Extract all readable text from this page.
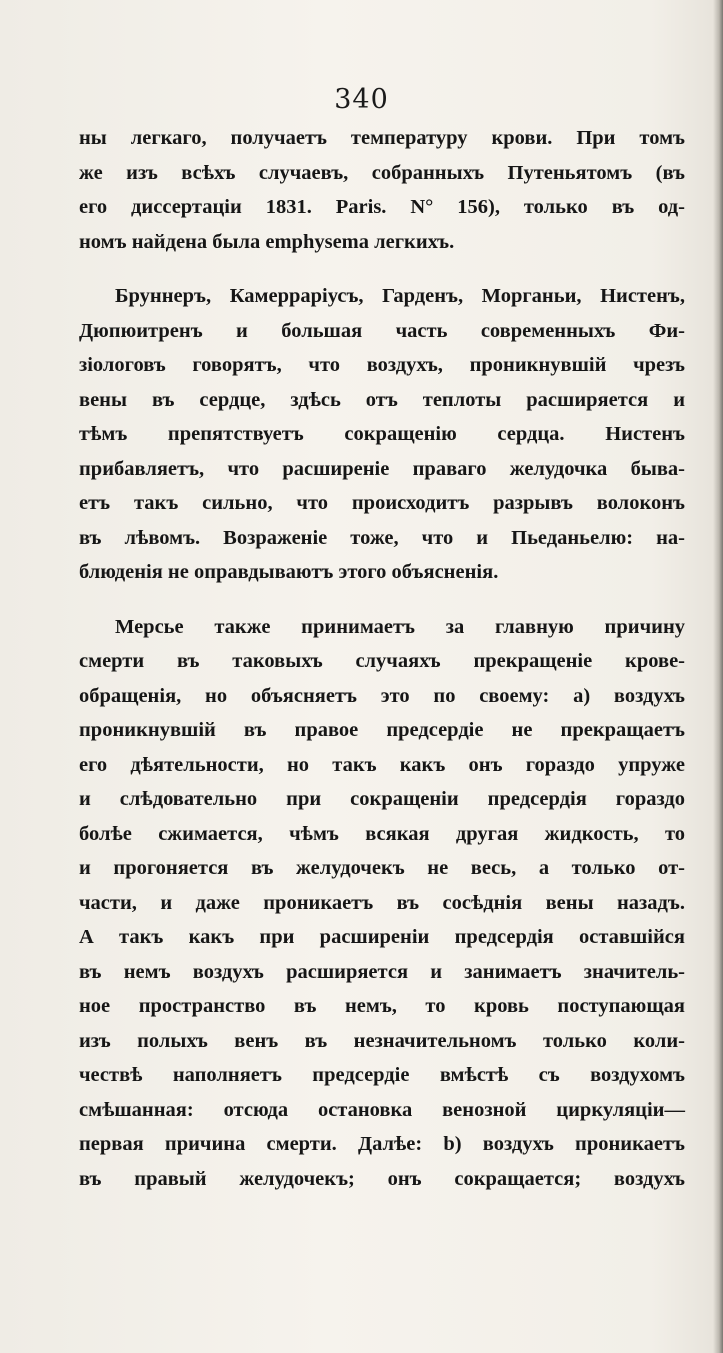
340
ны легкаго, получаетъ температуру крови. При томъ
же изъ всѣхъ случаевъ, собранныхъ Путеньятомъ (въ
его диссертаціи 1831. Paris. N° 156), только въ од-
номъ найдена была emphysema легкихъ.
Бруннеръ, Камерраріусъ, Гарденъ, Морганьи, Нистенъ,
Дюпюитренъ и большая часть современныхъ Фи-
зіологовъ говорятъ, что воздухъ, проникнувшій чрезъ
вены въ сердце, здѣсь отъ теплоты расширяется и
тѣмъ препятствуетъ сокращенію сердца. Нистенъ
прибавляетъ, что расширеніе праваго желудочка быва-
етъ такъ сильно, что происходитъ разрывъ волоконъ
въ лѣвомъ. Возраженіе тоже, что и Пьеданьелю: на-
блюденія не оправдываютъ этого объясненія.
Мерсье также принимаетъ за главную причину
смерти въ таковыхъ случаяхъ прекращеніе крове-
обращенія, но объясняетъ это по своему: а) воздухъ
проникнувшій въ правое предсердіе не прекращаетъ
его дѣятельности, но такъ какъ онъ гораздо упруже
и слѣдовательно при сокращеніи предсердія гораздо
болѣе сжимается, чѣмъ всякая другая жидкость, то
и прогоняется въ желудочекъ не весь, а только от-
части, и даже проникаетъ въ сосѣднія вены назадъ.
А такъ какъ при расширеніи предсердія оставшійся
въ немъ воздухъ расширяется и занимаетъ значитель-
ное пространство въ немъ, то кровь поступающая
изъ полыхъ венъ въ незначительномъ только коли-
чествѣ наполняетъ предсердіе вмѣстѣ съ воздухомъ
смѣшанная: отсюда остановка венозной циркуляціи—
первая причина смерти. Далѣе: b) воздухъ проникаетъ
въ правый желудочекъ; онъ сокращается; воздухъ
